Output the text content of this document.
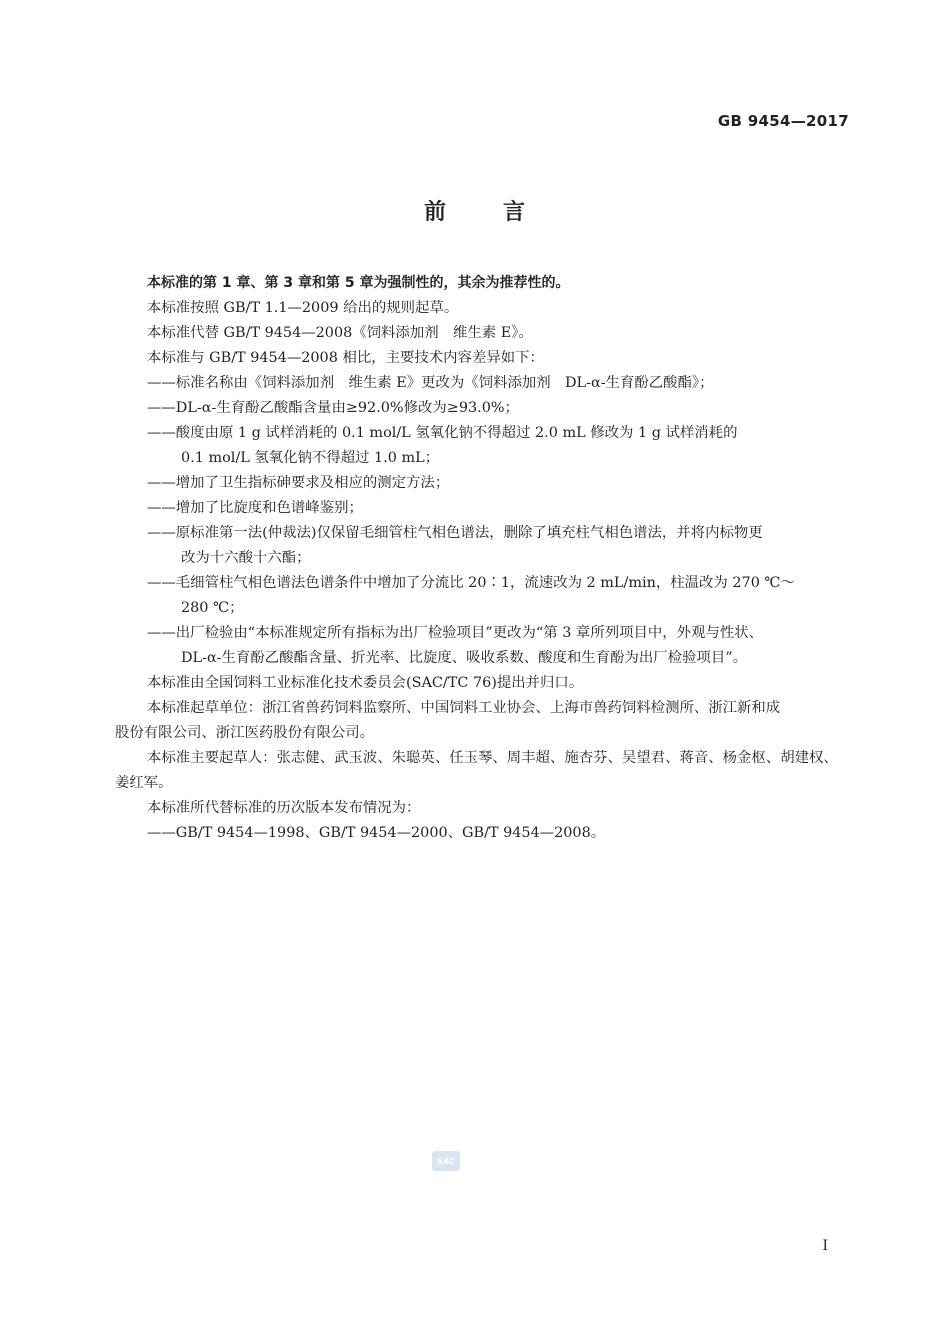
GB 9454—2017
前	言

本标准的第 1 章、第 3 章和第 5 章为强制性的，其余为推荐性的。

本标准按照 GB/T 1.1—2009 给出的规则起草。

本标准代替 GB/T 9454—2008《饲料添加剂　维生素 E》。

本标准与 GB/T 9454—2008 相比，主要技术内容差异如下：

——标准名称由《饲料添加剂　维生素 E》更改为《饲料添加剂　DL-α-生育酚乙酸酯》；
——DL-α-生育酚乙酸酯含量由≥92.0%修改为≥93.0%；
——酸度由原 1 g 试样消耗的 0.1 mol/L 氢氧化钠不得超过 2.0 mL 修改为 1 g 试样消耗的
0.1 mol/L 氢氧化钠不得超过 1.0 mL；
——增加了卫生指标砷要求及相应的测定方法；
——增加了比旋度和色谱峰鉴别；
——原标准第一法(仲裁法)仅保留毛细管柱气相色谱法，删除了填充柱气相色谱法，并将内标物更
改为十六酸十六酯；
——毛细管柱气相色谱法色谱条件中增加了分流比 20∶1，流速改为 2 mL/min，柱温改为 270 ℃～
280 ℃；
——出厂检验由“本标准规定所有指标为出厂检验项目”更改为“第 3 章所列项目中，外观与性状、
DL-α-生育酚乙酸酯含量、折光率、比旋度、吸收系数、酸度和生育酚为出厂检验项目”。

本标准由全国饲料工业标准化技术委员会(SAC/TC 76)提出并归口。

本标准起草单位：浙江省兽药饲料监察所、中国饲料工业协会、上海市兽药饲料检测所、浙江新和成

股份有限公司、浙江医药股份有限公司。

本标准主要起草人：张志健、武玉波、朱聪英、任玉琴、周丰超、施杏芬、吴望君、蒋音、杨金枢、胡建权、

姜红军。

本标准所代替标准的历次版本发布情况为：

——GB/T 9454—1998、GB/T 9454—2000、GB/T 9454—2008。

SAC
I
